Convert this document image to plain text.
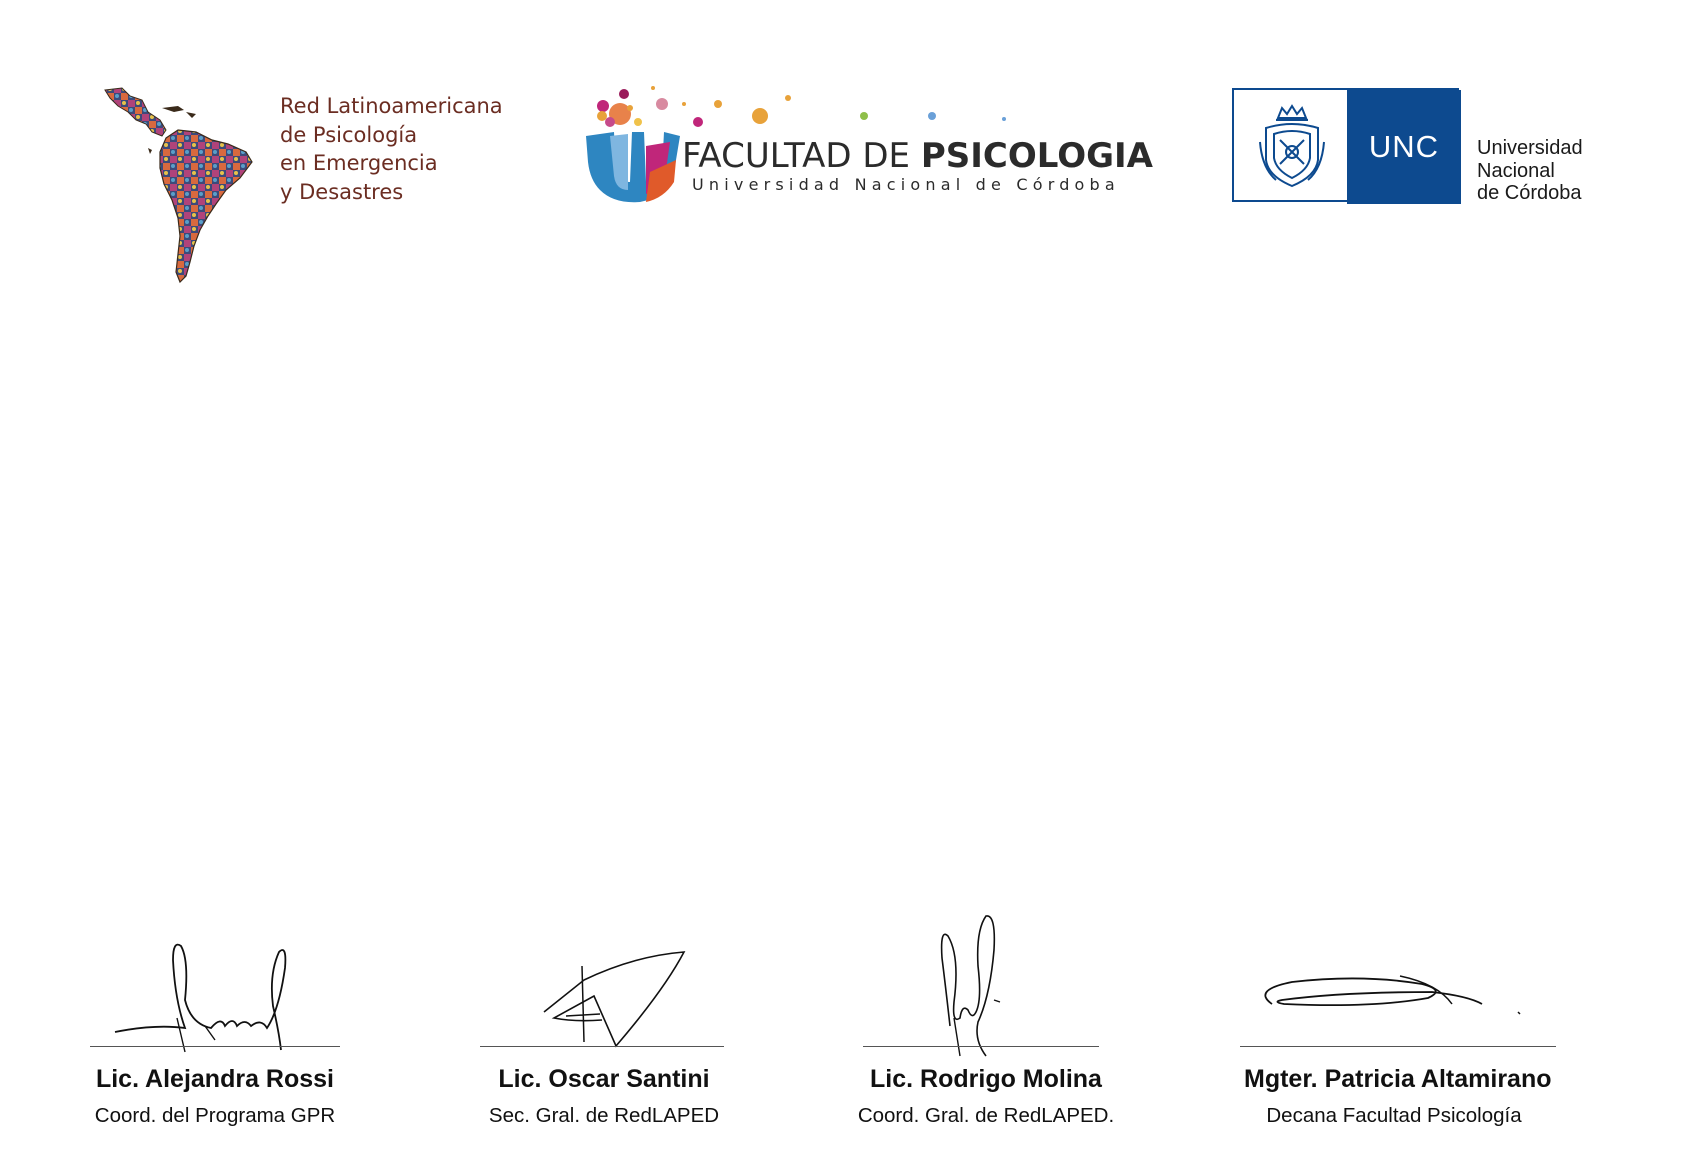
Red Latinoamericana
de Psicología
en Emergencia
y Desastres
FACULTAD DE PSICOLOGIA
Universidad Nacional de Córdoba
UNC	Universidad
Nacional
de Córdoba
Lic. Alejandra Rossi
Coord. del Programa GPR
Lic. Oscar Santini
Sec. Gral. de RedLAPED
Lic. Rodrigo Molina
Coord. Gral. de RedLAPED.
Mgter. Patricia Altamirano
Decana Facultad Psicología
